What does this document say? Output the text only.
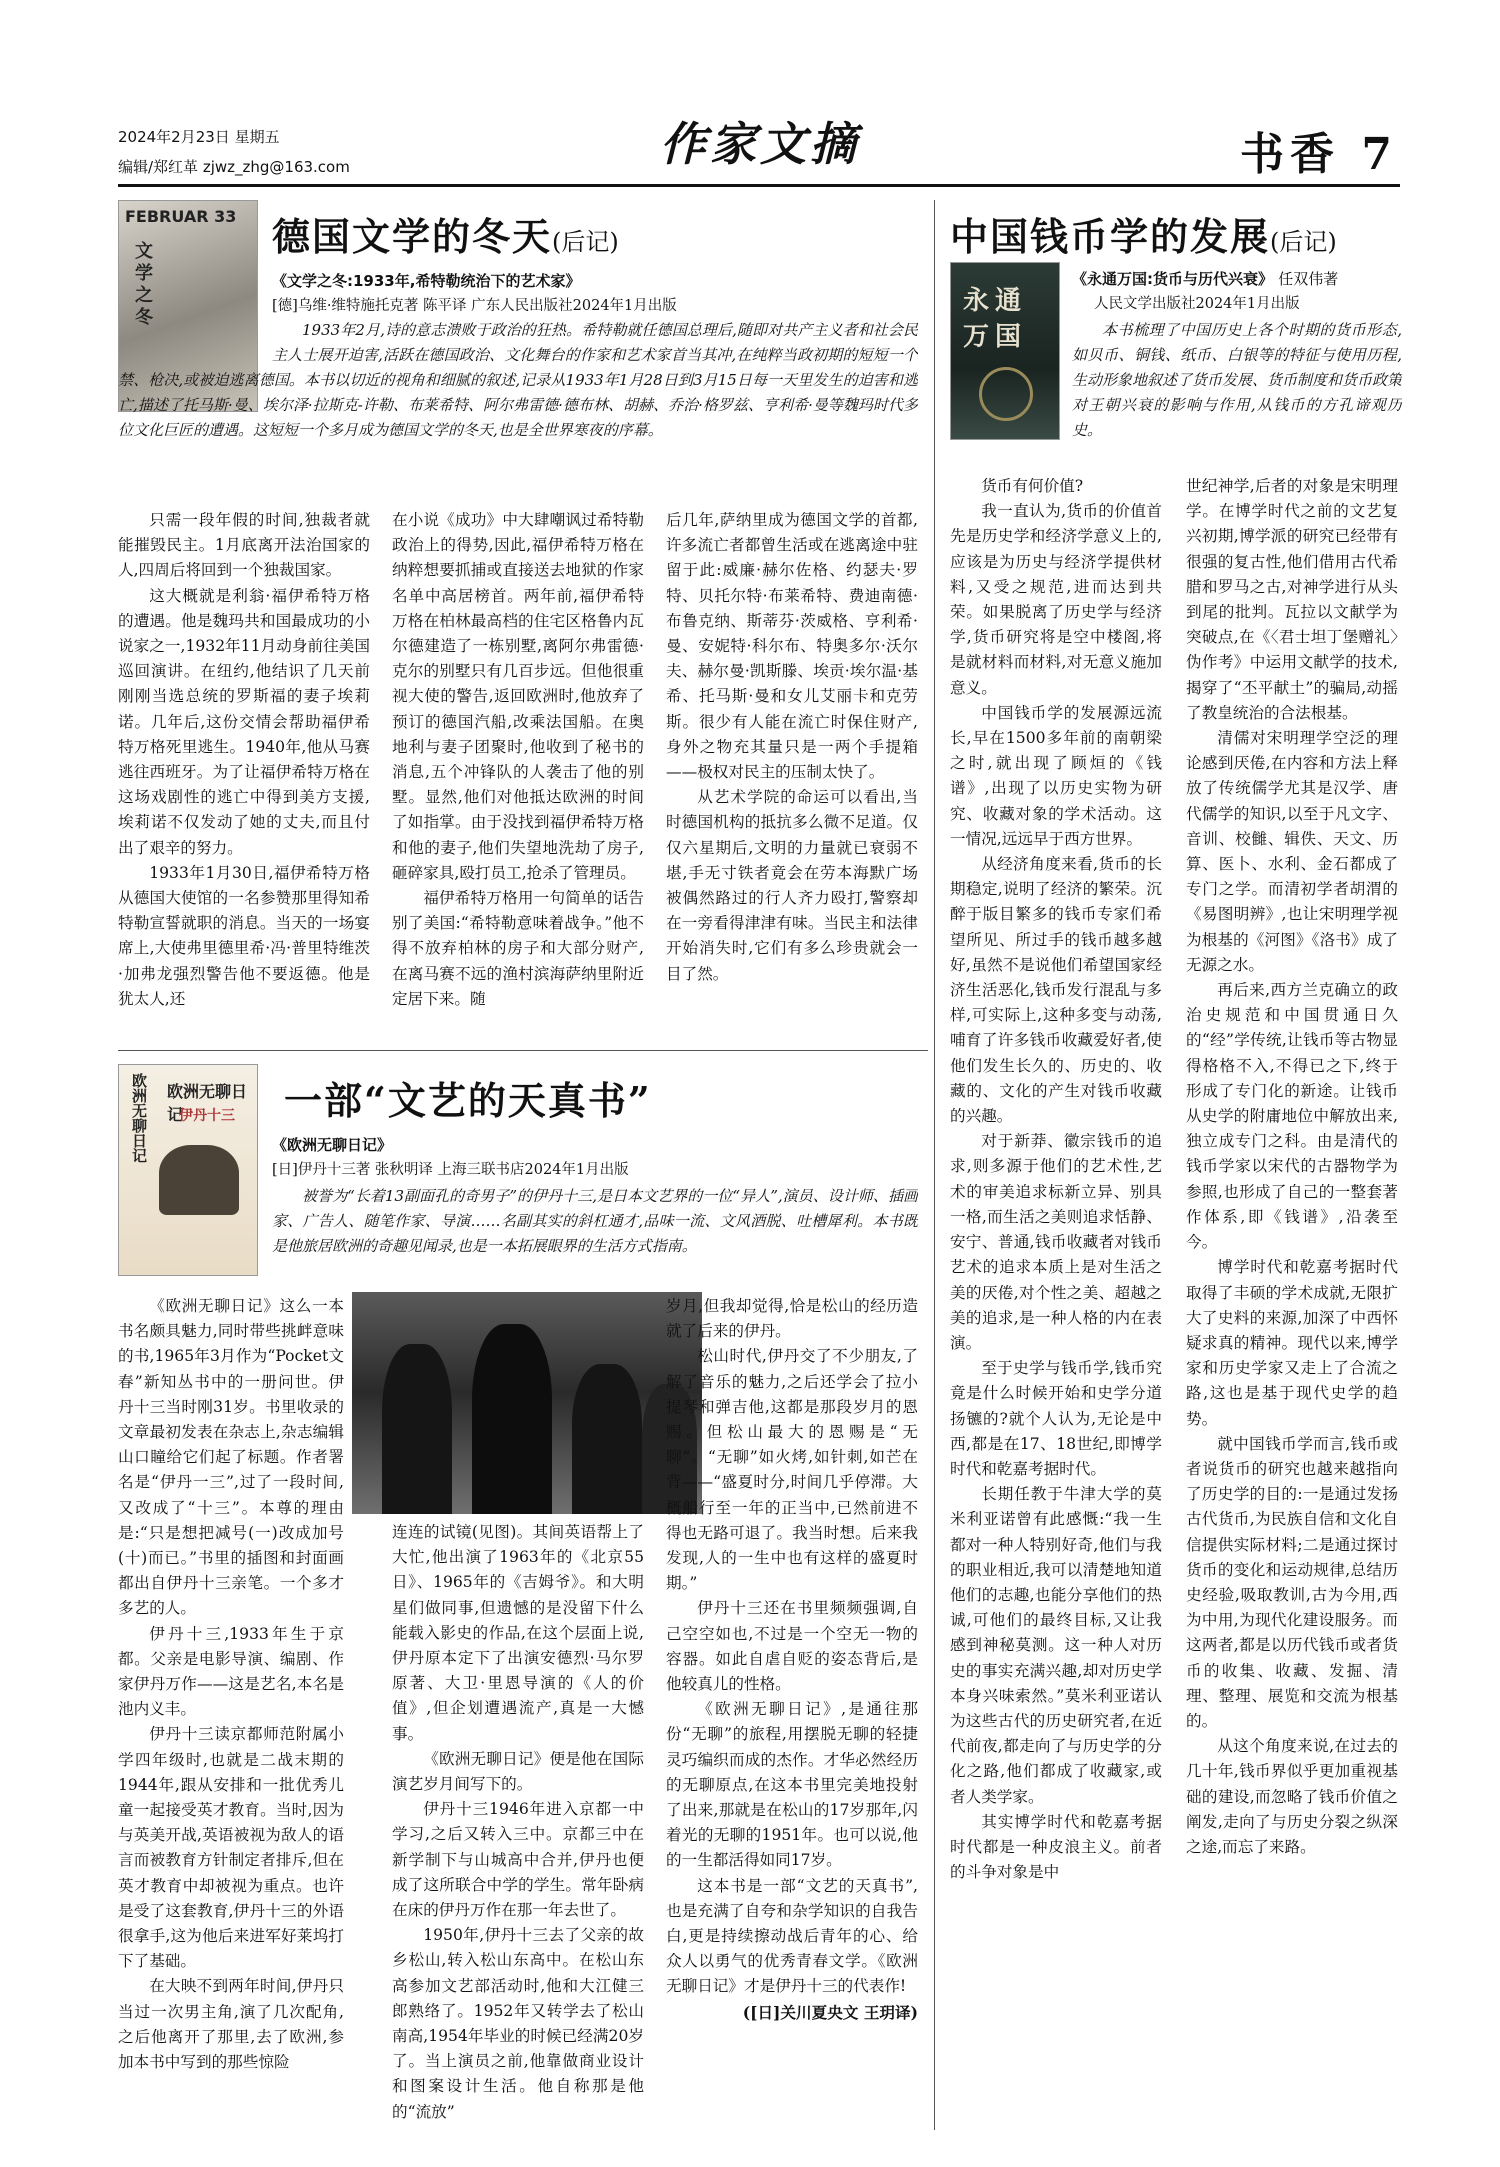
2024年2月23日 星期五
编辑/郑红革 zjwz_zhg@163.com	作家文摘	书香 7
FEBRUAR 33
文学之冬
德国文学的冬天(后记)
《文学之冬:1933年,希特勒统治下的艺术家》
[德]乌维·维特施托克著 陈平译 广东人民出版社2024年1月出版
1933年2月,诗的意志溃败于政治的狂热。希特勒就任德国总理后,随即对共产主义者和社会民主人士展开迫害,活跃在德国政治、文化舞台的作家和艺术家首当其冲,在纯粹当政初期的短短一个
禁、枪决,或被迫逃离德国。本书以切近的视角和细腻的叙述,记录从1933年1月28日到3月15日每一天里发生的迫害和逃亡,描述了托马斯·曼、埃尔泽·拉斯克-许勒、布莱希特、阿尔弗雷德·德布林、胡赫、乔治·格罗兹、亨利希·曼等魏玛时代多位文化巨匠的遭遇。这短短一个多月成为德国文学的冬天,也是全世界寒夜的序幕。

只需一段年假的时间,独裁者就能摧毁民主。1月底离开法治国家的人,四周后将回到一个独裁国家。

这大概就是利翁·福伊希特万格的遭遇。他是魏玛共和国最成功的小说家之一,1932年11月动身前往美国巡回演讲。在纽约,他结识了几天前刚刚当选总统的罗斯福的妻子埃莉诺。几年后,这份交情会帮助福伊希特万格死里逃生。1940年,他从马赛逃往西班牙。为了让福伊希特万格在这场戏剧性的逃亡中得到美方支援,埃莉诺不仅发动了她的丈夫,而且付出了艰辛的努力。

1933年1月30日,福伊希特万格从德国大使馆的一名参赞那里得知希特勒宣誓就职的消息。当天的一场宴席上,大使弗里德里希·冯·普里特维茨·加弗龙强烈警告他不要返德。他是犹太人,还

在小说《成功》中大肆嘲讽过希特勒政治上的得势,因此,福伊希特万格在纳粹想要抓捕或直接送去地狱的作家名单中高居榜首。两年前,福伊希特万格在柏林最高档的住宅区格鲁内瓦尔德建造了一栋别墅,离阿尔弗雷德·克尔的别墅只有几百步远。但他很重视大使的警告,返回欧洲时,他放弃了预订的德国汽船,改乘法国船。在奥地利与妻子团聚时,他收到了秘书的消息,五个冲锋队的人袭击了他的别墅。显然,他们对他抵达欧洲的时间了如指掌。由于没找到福伊希特万格和他的妻子,他们失望地洗劫了房子,砸碎家具,殴打员工,抢杀了管理员。

福伊希特万格用一句简单的话告别了美国:“希特勒意味着战争。”他不得不放弃柏林的房子和大部分财产,在离马赛不远的渔村滨海萨纳里附近定居下来。随

后几年,萨纳里成为德国文学的首都,许多流亡者都曾生活或在逃离途中驻留于此:威廉·赫尔佐格、约瑟夫·罗特、贝托尔特·布莱希特、费迪南德·布鲁克纳、斯蒂芬·茨威格、亨利希·曼、安妮特·科尔布、特奥多尔·沃尔夫、赫尔曼·凯斯滕、埃贡·埃尔温·基希、托马斯·曼和女儿艾丽卡和克劳斯。很少有人能在流亡时保住财产,身外之物充其量只是一两个手提箱——极权对民主的压制太快了。

从艺术学院的命运可以看出,当时德国机构的抵抗多么微不足道。仅仅六星期后,文明的力量就已衰弱不堪,手无寸铁者竟会在劳本海默广场被偶然路过的行人齐力殴打,警察却在一旁看得津津有味。当民主和法律开始消失时,它们有多么珍贵就会一目了然。

欧洲无聊日记 欧洲无聊日记
伊丹十三 一部“文艺的天真书”
《欧洲无聊日记》
[日]伊丹十三著 张秋明译 上海三联书店2024年1月出版
被誉为“长着13副面孔的奇男子”的伊丹十三,是日本文艺界的一位“异人”,演员、设计师、插画家、广告人、随笔作家、导演……名副其实的斜杠通才,品味一流、文风酒脱、吐槽犀利。本书既是他旅居欧洲的奇趣见闻录,也是一本拓展眼界的生活方式指南。

《欧洲无聊日记》这么一本书名颇具魅力,同时带些挑衅意味的书,1965年3月作为“Pocket文春”新知丛书中的一册问世。伊丹十三当时刚31岁。书里收录的文章最初发表在杂志上,杂志编辑山口瞳给它们起了标题。作者署名是“伊丹一三”,过了一段时间,又改成了“十三”。本尊的理由是:“只是想把减号(一)改成加号(十)而已。”书里的插图和封面画都出自伊丹十三亲笔。一个多才多艺的人。

伊丹十三,1933年生于京都。父亲是电影导演、编剧、作家伊丹万作——这是艺名,本名是池内义丰。

伊丹十三读京都师范附属小学四年级时,也就是二战末期的1944年,跟从安排和一批优秀儿童一起接受英才教育。当时,因为与英美开战,英语被视为敌人的语言而被教育方针制定者排斥,但在英才教育中却被视为重点。也许是受了这套教育,伊丹十三的外语很拿手,这为他后来进军好莱坞打下了基础。

在大映不到两年时间,伊丹只当过一次男主角,演了几次配角,之后他离开了那里,去了欧洲,参加本书中写到的那些惊险

连连的试镜(见图)。其间英语帮上了大忙,他出演了1963年的《北京55日》、1965年的《吉姆爷》。和大明星们做同事,但遗憾的是没留下什么能载入影史的作品,在这个层面上说,伊丹原本定下了出演安德烈·马尔罗原著、大卫·里恩导演的《人的价值》,但企划遭遇流产,真是一大憾事。

《欧洲无聊日记》便是他在国际演艺岁月间写下的。

伊丹十三1946年进入京都一中学习,之后又转入三中。京都三中在新学制下与山城高中合并,伊丹也便成了这所联合中学的学生。常年卧病在床的伊丹万作在那一年去世了。

1950年,伊丹十三去了父亲的故乡松山,转入松山东高中。在松山东高参加文艺部活动时,他和大江健三郎熟络了。1952年又转学去了松山南高,1954年毕业的时候已经满20岁了。当上演员之前,他靠做商业设计和图案设计生活。他自称那是他的“流放”

岁月,但我却觉得,恰是松山的经历造就了后来的伊丹。

松山时代,伊丹交了不少朋友,了解了音乐的魅力,之后还学会了拉小提琴和弹吉他,这都是那段岁月的恩赐。但松山最大的恩赐是“无聊”。“无聊”如火烤,如针刺,如芒在背——“盛夏时分,时间几乎停滞。大概船行至一年的正当中,已然前进不得也无路可退了。我当时想。后来我发现,人的一生中也有这样的盛夏时期。”

伊丹十三还在书里频频强调,自己空空如也,不过是一个空无一物的容器。如此自虐自贬的姿态背后,是他较真儿的性格。

《欧洲无聊日记》,是通往那份“无聊”的旅程,用摆脱无聊的轻捷灵巧编织而成的杰作。才华必然经历的无聊原点,在这本书里完美地投射了出来,那就是在松山的17岁那年,闪着光的无聊的1951年。也可以说,他的一生都活得如同17岁。

这本书是一部“文艺的天真书”,也是充满了自夸和杂学知识的自我告白,更是持续擦动战后青年的心、给众人以勇气的优秀青春文学。《欧洲无聊日记》才是伊丹十三的代表作!

([日]关川夏央文 王玥译)

中国钱币学的发展(后记)
《永通万国:货币与历代兴衰》 任双伟著
人民文学出版社2024年1月出版
永通万国	本书梳理了中国历史上各个时期的货币形态,如贝币、铜钱、纸币、白银等的特征与使用历程,生动形象地叙述了货币发展、货币制度和货币政策对王朝兴衰的影响与作用,从钱币的方孔谛观历史。

货币有何价值?

我一直认为,货币的价值首先是历史学和经济学意义上的,应该是为历史与经济学提供材料,又受之规范,进而达到共荣。如果脱离了历史学与经济学,货币研究将是空中楼阁,将是就材料而材料,对无意义施加意义。

中国钱币学的发展源远流长,早在1500多年前的南朝梁之时,就出现了顾烜的《钱谱》,出现了以历史实物为研究、收藏对象的学术活动。这一情况,远远早于西方世界。

从经济角度来看,货币的长期稳定,说明了经济的繁荣。沉醉于版目繁多的钱币专家们希望所见、所过手的钱币越多越好,虽然不是说他们希望国家经济生活恶化,钱币发行混乱与多样,可实际上,这种多变与动荡,哺育了许多钱币收藏爱好者,使他们发生长久的、历史的、收藏的、文化的产生对钱币收藏的兴趣。

对于新莽、徽宗钱币的追求,则多源于他们的艺术性,艺术的审美追求标新立异、别具一格,而生活之美则追求恬静、安宁、普通,钱币收藏者对钱币艺术的追求本质上是对生活之美的厌倦,对个性之美、超越之美的追求,是一种人格的内在表演。

至于史学与钱币学,钱币究竟是什么时候开始和史学分道扬镳的?就个人认为,无论是中西,都是在17、18世纪,即博学时代和乾嘉考据时代。

长期任教于牛津大学的莫米利亚诺曾有此感慨:“我一生都对一种人特别好奇,他们与我的职业相近,我可以清楚地知道他们的志趣,也能分享他们的热诚,可他们的最终目标,又让我感到神秘莫测。这一种人对历史的事实充满兴趣,却对历史学本身兴味索然。”莫米利亚诺认为这些古代的历史研究者,在近代前夜,都走向了与历史学的分化之路,他们都成了收藏家,或者人类学家。

其实博学时代和乾嘉考据时代都是一种皮浪主义。前者的斗争对象是中

世纪神学,后者的对象是宋明理学。在博学时代之前的文艺复兴初期,博学派的研究已经带有很强的复古性,他们借用古代希腊和罗马之古,对神学进行从头到尾的批判。瓦拉以文献学为突破点,在《〈君士坦丁堡赠礼〉伪作考》中运用文献学的技术,揭穿了“丕平献土”的骗局,动摇了教皇统治的合法根基。

清儒对宋明理学空泛的理论感到厌倦,在内容和方法上释放了传统儒学尤其是汉学、唐代儒学的知识,以至于凡文字、音训、校雠、辑佚、天文、历算、医卜、水利、金石都成了专门之学。而清初学者胡渭的《易图明辨》,也让宋明理学视为根基的《河图》《洛书》成了无源之水。

再后来,西方兰克确立的政治史规范和中国贯通日久的“经”学传统,让钱币等古物显得格格不入,不得已之下,终于形成了专门化的新途。让钱币从史学的附庸地位中解放出来,独立成专门之科。由是清代的钱币学家以宋代的古器物学为参照,也形成了自己的一整套著作体系,即《钱谱》,沿袭至今。

博学时代和乾嘉考据时代取得了丰硕的学术成就,无限扩大了史料的来源,加深了中西怀疑求真的精神。现代以来,博学家和历史学家又走上了合流之路,这也是基于现代史学的趋势。

就中国钱币学而言,钱币或者说货币的研究也越来越指向了历史学的目的:一是通过发扬古代货币,为民族自信和文化自信提供实际材料;二是通过探讨货币的变化和运动规律,总结历史经验,吸取教训,古为今用,西为中用,为现代化建设服务。而这两者,都是以历代钱币或者货币的收集、收藏、发掘、清理、整理、展览和交流为根基的。

从这个角度来说,在过去的几十年,钱币界似乎更加重视基础的建设,而忽略了钱币价值之阐发,走向了与历史分裂之纵深之途,而忘了来路。
